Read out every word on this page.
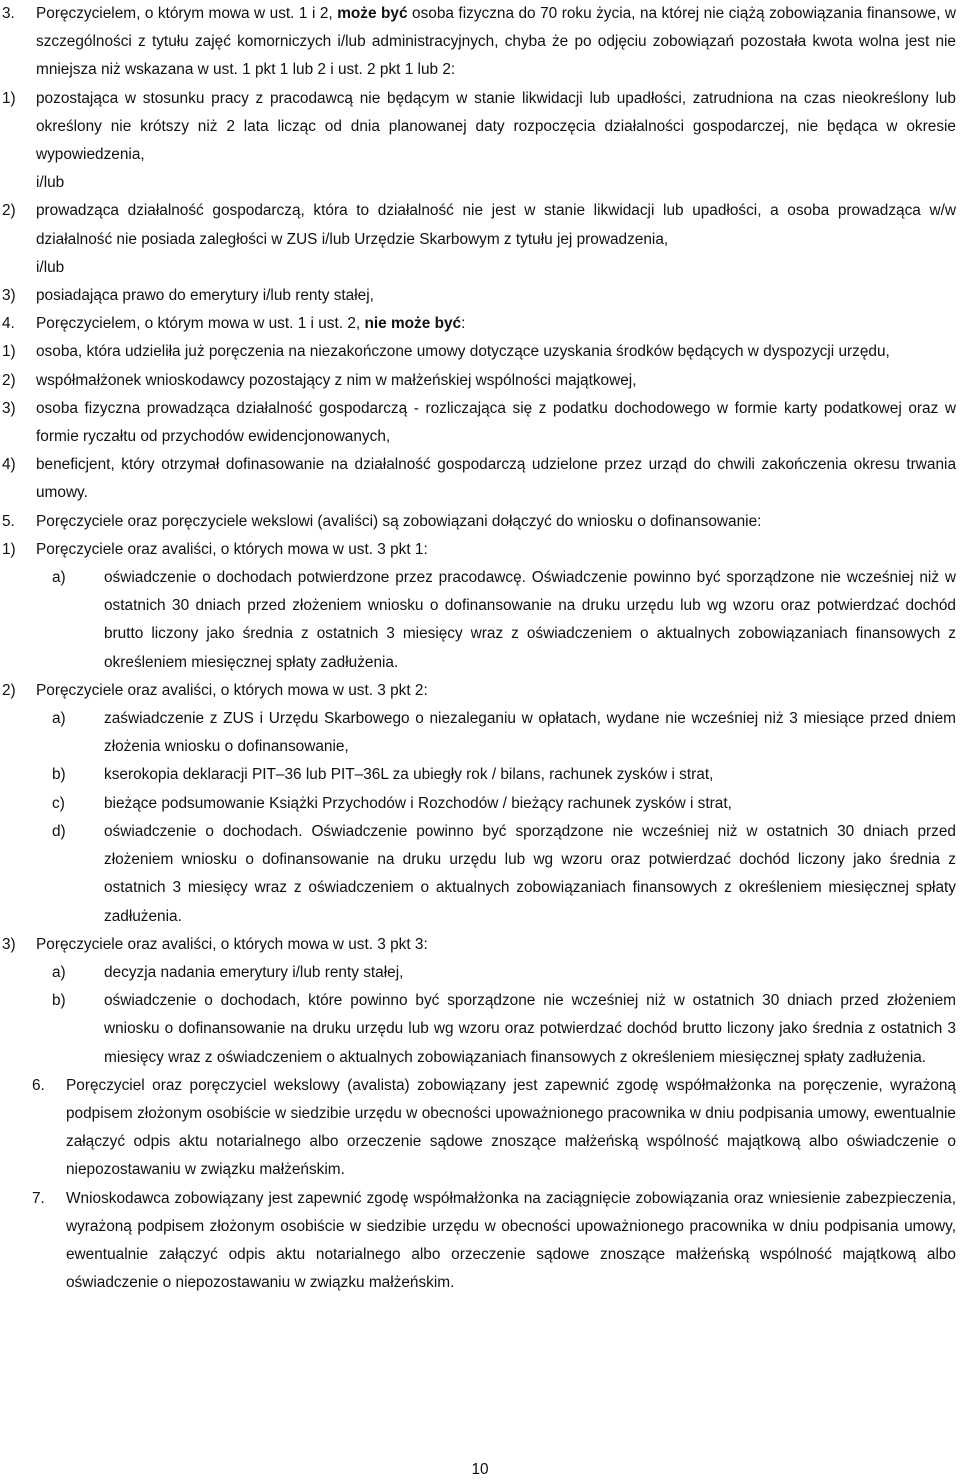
3.	Poręczycielem, o którym mowa w ust. 1 i 2, może być osoba fizyczna do 70 roku życia, na której nie ciążą zobowiązania finansowe, w szczególności z tytułu zajęć komorniczych i/lub administracyjnych, chyba że po odjęciu zobowiązań pozostała kwota wolna jest nie mniejsza niż wskazana w ust. 1 pkt 1 lub 2 i ust. 2 pkt 1 lub 2:
1)	pozostająca w stosunku pracy z pracodawcą nie będącym w stanie likwidacji lub upadłości, zatrudniona na czas nieokreślony lub określony nie krótszy niż 2 lata licząc od dnia planowanej daty rozpoczęcia działalności gospodarczej, nie będąca w okresie wypowiedzenia,
i/lub
2)	prowadząca działalność gospodarczą, która to działalność nie jest w stanie likwidacji lub upadłości, a osoba prowadząca w/w działalność nie posiada zaległości w ZUS i/lub Urzędzie Skarbowym z tytułu jej prowadzenia,
i/lub
3)	posiadająca prawo do emerytury i/lub renty stałej,
4.	Poręczycielem, o którym mowa w ust. 1 i ust. 2, nie może być:
1)	osoba, która udzieliła już poręczenia na niezakończone umowy dotyczące uzyskania środków będących w dyspozycji urzędu,
2)	współmałżonek wnioskodawcy pozostający z nim w małżeńskiej wspólności majątkowej,
3)	osoba fizyczna prowadząca działalność gospodarczą - rozliczająca się z podatku dochodowego w formie karty podatkowej oraz w formie ryczałtu od przychodów ewidencjonowanych,
4)	beneficjent, który otrzymał dofinasowanie na działalność gospodarczą udzielone przez urząd do chwili zakończenia okresu trwania umowy.
5.	Poręczyciele oraz poręczyciele wekslowi (avaliści) są zobowiązani dołączyć do wniosku o dofinansowanie:
1)	Poręczyciele oraz avaliści, o których mowa w ust. 3 pkt 1:
a)	oświadczenie o dochodach potwierdzone przez pracodawcę. Oświadczenie powinno być sporządzone nie wcześniej niż w ostatnich 30 dniach przed złożeniem wniosku o dofinansowanie na druku urzędu lub wg wzoru oraz potwierdzać dochód brutto liczony jako średnia z ostatnich 3 miesięcy wraz z oświadczeniem o aktualnych zobowiązaniach finansowych z określeniem miesięcznej spłaty zadłużenia.
2)	Poręczyciele oraz avaliści, o których mowa w ust. 3 pkt 2:
a)	zaświadczenie z ZUS i Urzędu Skarbowego o niezaleganiu w opłatach, wydane nie wcześniej niż 3 miesiące przed dniem złożenia wniosku o dofinansowanie,
b)	kserokopia deklaracji PIT–36 lub PIT–36L za ubiegły rok / bilans, rachunek zysków i strat,
c)	bieżące podsumowanie Książki Przychodów i Rozchodów / bieżący rachunek zysków i strat,
d)	oświadczenie o dochodach. Oświadczenie powinno być sporządzone nie wcześniej niż w ostatnich 30 dniach przed złożeniem wniosku o dofinansowanie na druku urzędu lub wg wzoru oraz potwierdzać dochód liczony jako średnia z ostatnich 3 miesięcy wraz z oświadczeniem o aktualnych zobowiązaniach finansowych z określeniem miesięcznej spłaty zadłużenia.
3)	Poręczyciele oraz avaliści, o których mowa w ust. 3 pkt 3:
a)	decyzja nadania emerytury i/lub renty stałej,
b)	oświadczenie o dochodach, które powinno być sporządzone nie wcześniej niż w ostatnich 30 dniach przed złożeniem wniosku o dofinansowanie na druku urzędu lub wg wzoru oraz potwierdzać dochód brutto liczony jako średnia z ostatnich 3 miesięcy wraz z oświadczeniem o aktualnych zobowiązaniach finansowych z określeniem miesięcznej spłaty zadłużenia.
6.	Poręczyciel oraz poręczyciel wekslowy (avalista) zobowiązany jest zapewnić zgodę współmałżonka na poręczenie, wyrażoną podpisem złożonym osobiście w siedzibie urzędu w obecności upoważnionego pracownika w dniu podpisania umowy, ewentualnie załączyć odpis aktu notarialnego albo orzeczenie sądowe znoszące małżeńską wspólność majątkową albo oświadczenie o niepozostawaniu w związku małżeńskim.
7.	Wnioskodawca zobowiązany jest zapewnić zgodę współmałżonka na zaciągnięcie zobowiązania oraz wniesienie zabezpieczenia, wyrażoną podpisem złożonym osobiście w siedzibie urzędu w obecności upoważnionego pracownika w dniu podpisania umowy, ewentualnie załączyć odpis aktu notarialnego albo orzeczenie sądowe znoszące małżeńską wspólność majątkową albo oświadczenie o niepozostawaniu w związku małżeńskim.
10
